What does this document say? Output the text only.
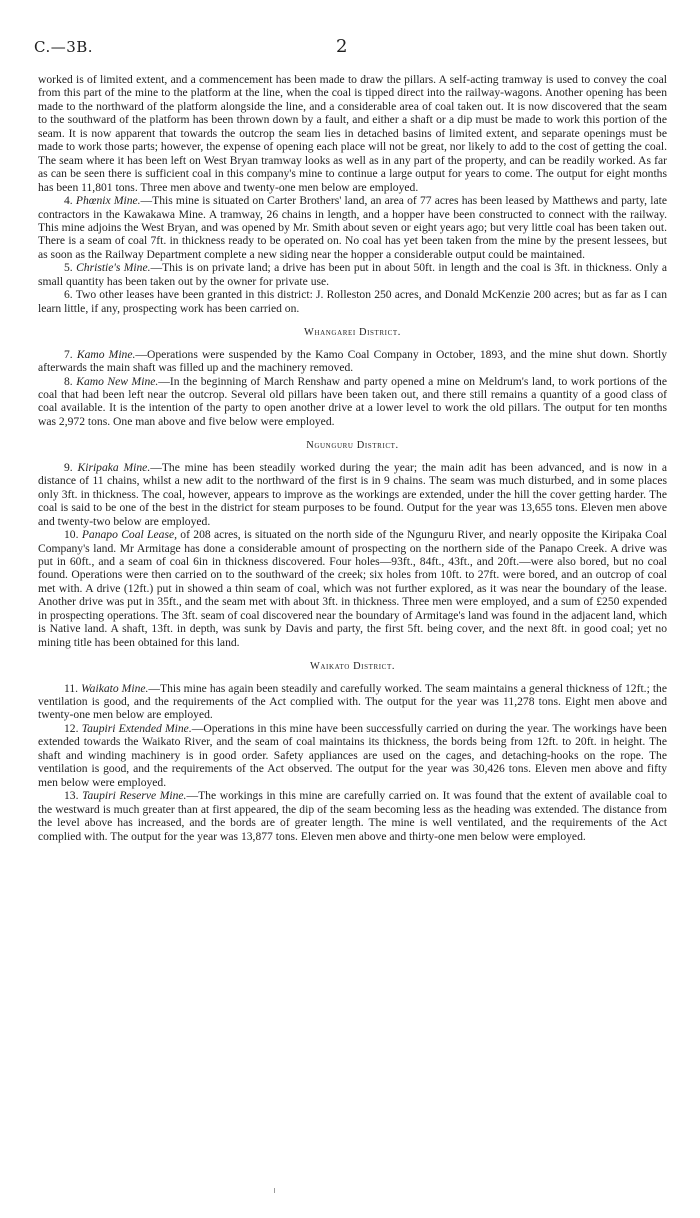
C.—3B.	2

worked is of limited extent, and a commencement has been made to draw the pillars. A self-acting tramway is used to convey the coal from this part of the mine to the platform at the line, when the coal is tipped direct into the railway-wagons. Another opening has been made to the northward of the platform alongside the line, and a considerable area of coal taken out. It is now discovered that the seam to the southward of the platform has been thrown down by a fault, and either a shaft or a dip must be made to work this portion of the seam. It is now apparent that towards the outcrop the seam lies in detached basins of limited extent, and separate openings must be made to work those parts; however, the expense of opening each place will not be great, nor likely to add to the cost of getting the coal. The seam where it has been left on West Bryan tramway looks as well as in any part of the property, and can be readily worked. As far as can be seen there is sufficient coal in this company's mine to continue a large output for years to come. The output for eight months has been 11,801 tons. Three men above and twenty-one men below are employed.

4. Phœnix Mine.—This mine is situated on Carter Brothers' land, an area of 77 acres has been leased by Matthews and party, late contractors in the Kawakawa Mine. A tramway, 26 chains in length, and a hopper have been constructed to connect with the railway. This mine adjoins the West Bryan, and was opened by Mr. Smith about seven or eight years ago; but very little coal has been taken out. There is a seam of coal 7ft. in thickness ready to be operated on. No coal has yet been taken from the mine by the present lessees, but as soon as the Railway Department complete a new siding near the hopper a considerable output could be maintained.

5. Christie's Mine.—This is on private land; a drive has been put in about 50ft. in length and the coal is 3ft. in thickness. Only a small quantity has been taken out by the owner for private use.

6. Two other leases have been granted in this district: J. Rolleston 250 acres, and Donald McKenzie 200 acres; but as far as I can learn little, if any, prospecting work has been carried on.

Whangarei District.

7. Kamo Mine.—Operations were suspended by the Kamo Coal Company in October, 1893, and the mine shut down. Shortly afterwards the main shaft was filled up and the machinery removed.

8. Kamo New Mine.—In the beginning of March Renshaw and party opened a mine on Meldrum's land, to work portions of the coal that had been left near the outcrop. Several old pillars have been taken out, and there still remains a quantity of a good class of coal available. It is the intention of the party to open another drive at a lower level to work the old pillars. The output for ten months was 2,972 tons. One man above and five below were employed.

Ngunguru District.

9. Kiripaka Mine.—The mine has been steadily worked during the year; the main adit has been advanced, and is now in a distance of 11 chains, whilst a new adit to the northward of the first is in 9 chains. The seam was much disturbed, and in some places only 3ft. in thickness. The coal, however, appears to improve as the workings are extended, under the hill the cover getting harder. The coal is said to be one of the best in the district for steam purposes to be found. Output for the year was 13,655 tons. Eleven men above and twenty-two below are employed.

10. Panapo Coal Lease, of 208 acres, is situated on the north side of the Ngunguru River, and nearly opposite the Kiripaka Coal Company's land. Mr Armitage has done a considerable amount of prospecting on the northern side of the Panapo Creek. A drive was put in 60ft., and a seam of coal 6in in thickness discovered. Four holes—93ft., 84ft., 43ft., and 20ft.—were also bored, but no coal found. Operations were then carried on to the southward of the creek; six holes from 10ft. to 27ft. were bored, and an outcrop of coal met with. A drive (12ft.) put in showed a thin seam of coal, which was not further explored, as it was near the boundary of the lease. Another drive was put in 35ft., and the seam met with about 3ft. in thickness. Three men were employed, and a sum of £250 expended in prospecting operations. The 3ft. seam of coal discovered near the boundary of Armitage's land was found in the adjacent land, which is Native land. A shaft, 13ft. in depth, was sunk by Davis and party, the first 5ft. being cover, and the next 8ft. in good coal; yet no mining title has been obtained for this land.

Waikato District.

11. Waikato Mine.—This mine has again been steadily and carefully worked. The seam maintains a general thickness of 12ft.; the ventilation is good, and the requirements of the Act complied with. The output for the year was 11,278 tons. Eight men above and twenty-one men below are employed.

12. Taupiri Extended Mine.—Operations in this mine have been successfully carried on during the year. The workings have been extended towards the Waikato River, and the seam of coal maintains its thickness, the bords being from 12ft. to 20ft. in height. The shaft and winding machinery is in good order. Safety appliances are used on the cages, and detaching-hooks on the rope. The ventilation is good, and the requirements of the Act observed. The output for the year was 30,426 tons. Eleven men above and fifty men below were employed.

13. Taupiri Reserve Mine.—The workings in this mine are carefully carried on. It was found that the extent of available coal to the westward is much greater than at first appeared, the dip of the seam becoming less as the heading was extended. The distance from the level above has increased, and the bords are of greater length. The mine is well ventilated, and the requirements of the Act complied with. The output for the year was 13,877 tons. Eleven men above and thirty-one men below were employed.
